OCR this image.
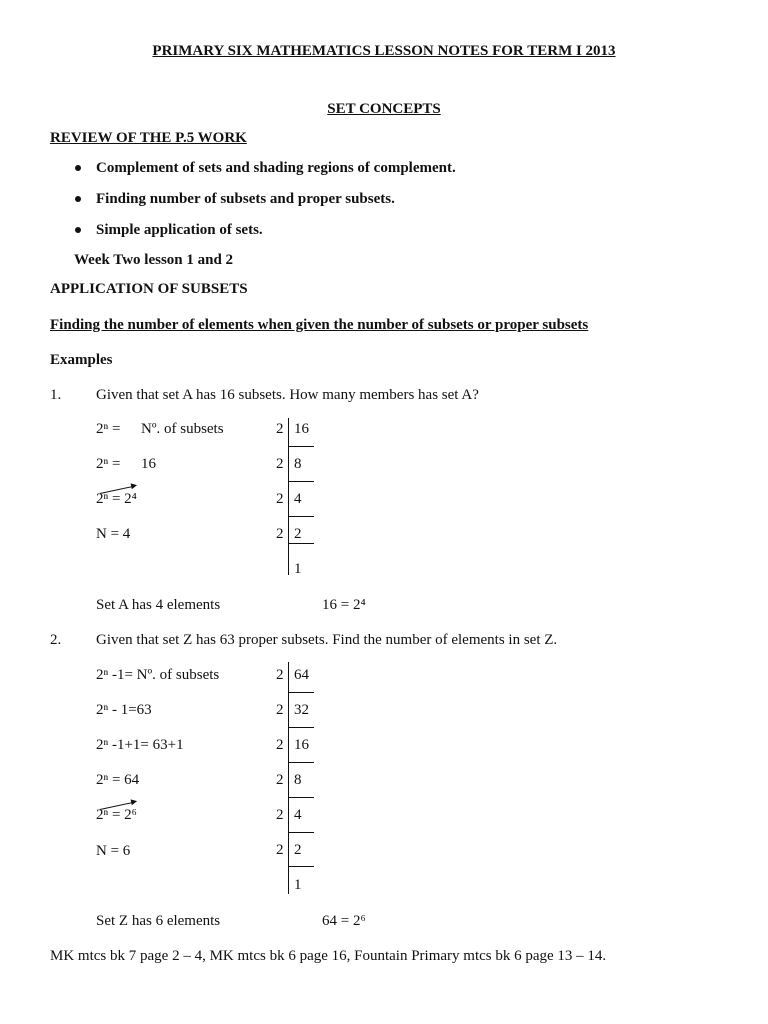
PRIMARY SIX MATHEMATICS LESSON NOTES FOR TERM I 2013
SET CONCEPTS
REVIEW OF THE P.5 WORK
Complement of sets and shading regions of complement.
Finding number of subsets and proper subsets.
Simple application of sets.
Week Two lesson 1 and 2
APPLICATION OF SUBSETS
Finding the number of elements when given the number of subsets or proper subsets
Examples
1. Given that set A has 16 subsets. How many members has set A?
2ⁿ = Nº. of subsets
2ⁿ = 16
2ⁿ = 2⁴
N = 4
2 16
2 8
2 4
2 2
1
Set A has 4 elements	16 = 2⁴
2. Given that set Z has 63 proper subsets. Find the number of elements in set Z.
2ⁿ -1= Nº. of subsets
2ⁿ - 1=63
2ⁿ -1+1= 63+1
2ⁿ = 64
2ⁿ = 2⁶
N = 6
2 64
2 32
2 16
2 8
2 4
2 2
1
Set Z has 6 elements	64 = 2⁶
MK mtcs bk 7 page 2 – 4, MK mtcs bk 6 page 16, Fountain Primary mtcs bk 6 page 13 – 14.
